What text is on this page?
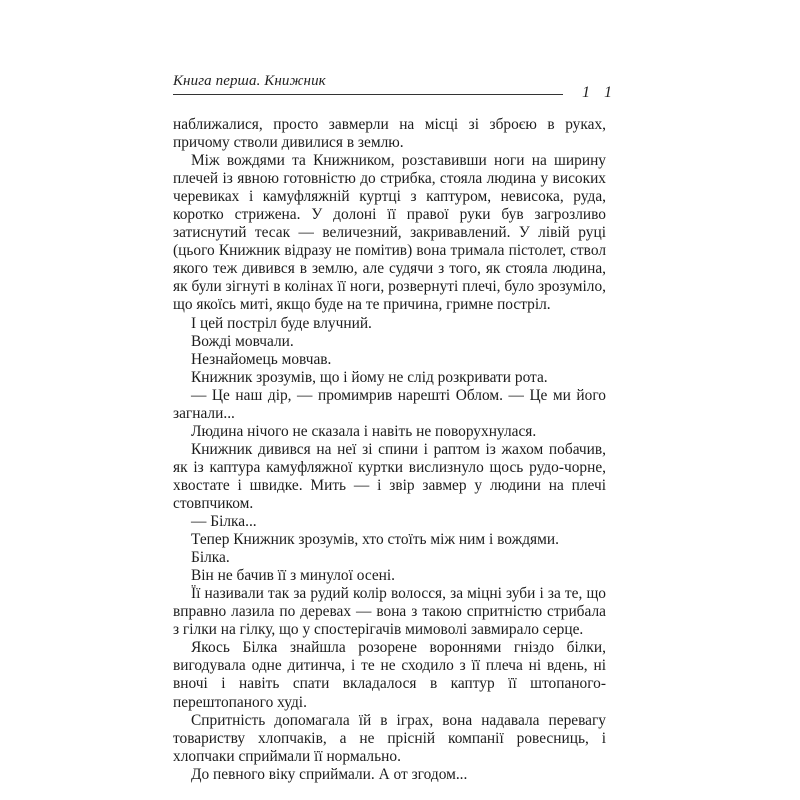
Книга перша. Книжник
1 1

наближалися, просто завмерли на місці зі зброєю в руках, причому стволи дивилися в землю.

Між вождями та Книжником, розставивши ноги на ширину плечей із явною готовністю до стрибка, стояла людина у високих черевиках і камуфляжній куртці з каптуром, невисока, руда, коротко стрижена. У долоні її правої руки був загрозливо затиснутий тесак — величезний, закривавлений. У лівій руці (цього Книжник відразу не помітив) вона тримала пістолет, ствол якого теж дивився в землю, але судячи з того, як стояла людина, як були зігнуті в колінах її ноги, розвернуті плечі, було зрозуміло, що якоїсь миті, якщо буде на те причина, гримне постріл.

І цей постріл буде влучний.

Вожді мовчали.

Незнайомець мовчав.

Книжник зрозумів, що і йому не слід розкривати рота.

— Це наш дір, — промимрив нарешті Облом. — Це ми його загнали...

Людина нічого не сказала і навіть не поворухнулася.

Книжник дивився на неї зі спини і раптом із жахом побачив, як із каптура камуфляжної куртки вислизнуло щось рудо-чорне, хвостате і швидке. Мить — і звір завмер у людини на плечі стовпчиком.

— Білка...

Тепер Книжник зрозумів, хто стоїть між ним і вождями.

Білка.

Він не бачив її з минулої осені.

Її називали так за рудий колір волосся, за міцні зуби і за те, що вправно лазила по деревах — вона з такою спритністю стрибала з гілки на гілку, що у спостерігачів мимоволі завмирало серце.

Якось Білка знайшла розорене вороннями гніздо білки, вигодувала одне дитинча, і те не сходило з її плеча ні вдень, ні вночі і навіть спати вкладалося в каптур її штопаного-перештопаного худі.

Спритність допомагала їй в іграх, вона надавала перевагу товариству хлопчаків, а не прісній компанії ровесниць, і хлопчаки сприймали її нормально.

До певного віку сприймали. А от згодом...
